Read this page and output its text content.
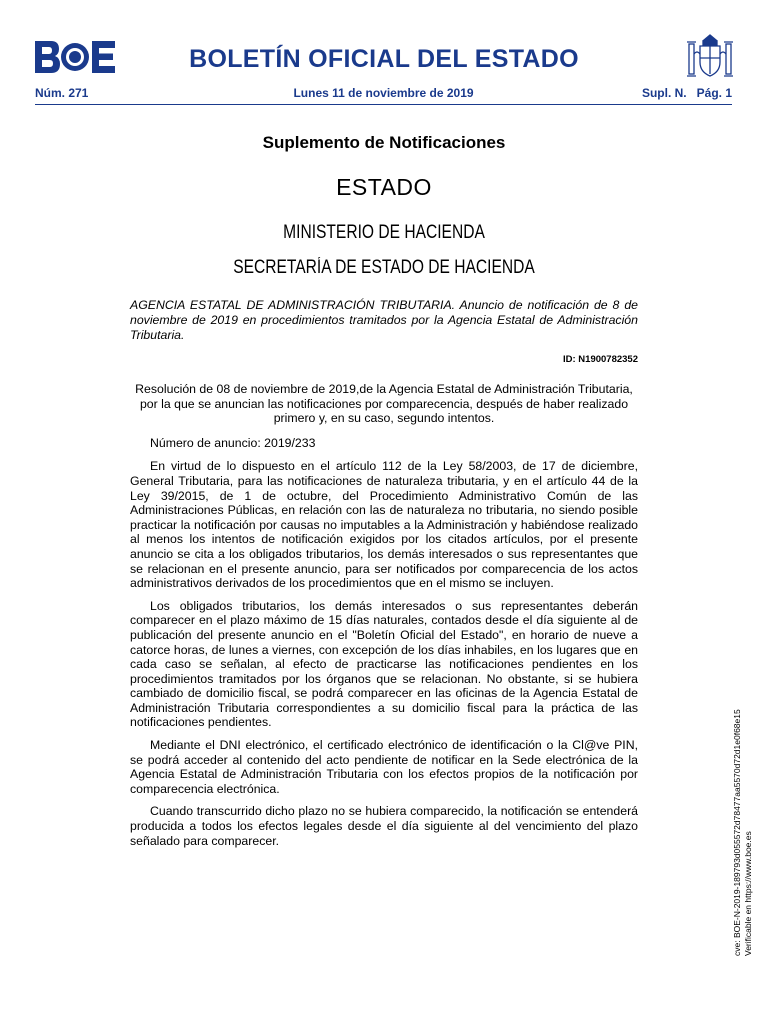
BOLETÍN OFICIAL DEL ESTADO
Lunes 11 de noviembre de 2019
Núm. 271	Supl. N.   Pág. 1
Suplemento de Notificaciones
ESTADO
MINISTERIO DE HACIENDA
SECRETARÍA DE ESTADO DE HACIENDA
AGENCIA ESTATAL DE ADMINISTRACIÓN TRIBUTARIA. Anuncio de notificación de 8 de noviembre de 2019 en procedimientos tramitados por la Agencia Estatal de Administración Tributaria.
ID: N1900782352

Resolución de 08 de noviembre de 2019,de la Agencia Estatal de Administración Tributaria, por la que se anuncian las notificaciones por comparecencia, después de haber realizado primero y, en su caso, segundo intentos.

Número de anuncio: 2019/233

En virtud de lo dispuesto en el artículo 112 de la Ley 58/2003, de 17 de diciembre, General Tributaria, para las notificaciones de naturaleza tributaria, y en el artículo 44 de la Ley 39/2015, de 1 de octubre, del Procedimiento Administrativo Común de las Administraciones Públicas, en relación con las de naturaleza no tributaria, no siendo posible practicar la notificación por causas no imputables a la Administración y habiéndose realizado al menos los intentos de notificación exigidos por los citados artículos, por el presente anuncio se cita a los obligados tributarios, los demás interesados o sus representantes que se relacionan en el presente anuncio, para ser notificados por comparecencia de los actos administrativos derivados de los procedimientos que en el mismo se incluyen.

Los obligados tributarios, los demás interesados o sus representantes deberán comparecer en el plazo máximo de 15 días naturales, contados desde el día siguiente al de publicación del presente anuncio en el "Boletín Oficial del Estado", en horario de nueve a catorce horas, de lunes a viernes, con excepción de los días inhabiles, en los lugares que en cada caso se señalan, al efecto de practicarse las notificaciones pendientes en los procedimientos tramitados por los órganos que se relacionan. No obstante, si se hubiera cambiado de domicilio fiscal, se podrá comparecer en las oficinas de la Agencia Estatal de Administración Tributaria correspondientes a su domicilio fiscal para la práctica de las notificaciones pendientes.

Mediante el DNI electrónico, el certificado electrónico de identificación o la Cl@ve PIN, se podrá acceder al contenido del acto pendiente de notificar en la Sede electrónica de la Agencia Estatal de Administración Tributaria con los efectos propios de la notificación por comparecencia electrónica.

Cuando transcurrido dicho plazo no se hubiera comparecido, la notificación se entenderá producida a todos los efectos legales desde el día siguiente al del vencimiento del plazo señalado para comparecer.	cve: BOE-N-2019-189793d055572d78477aa5570d72d1e0f68e15 Verificable en https://www.boe.es
